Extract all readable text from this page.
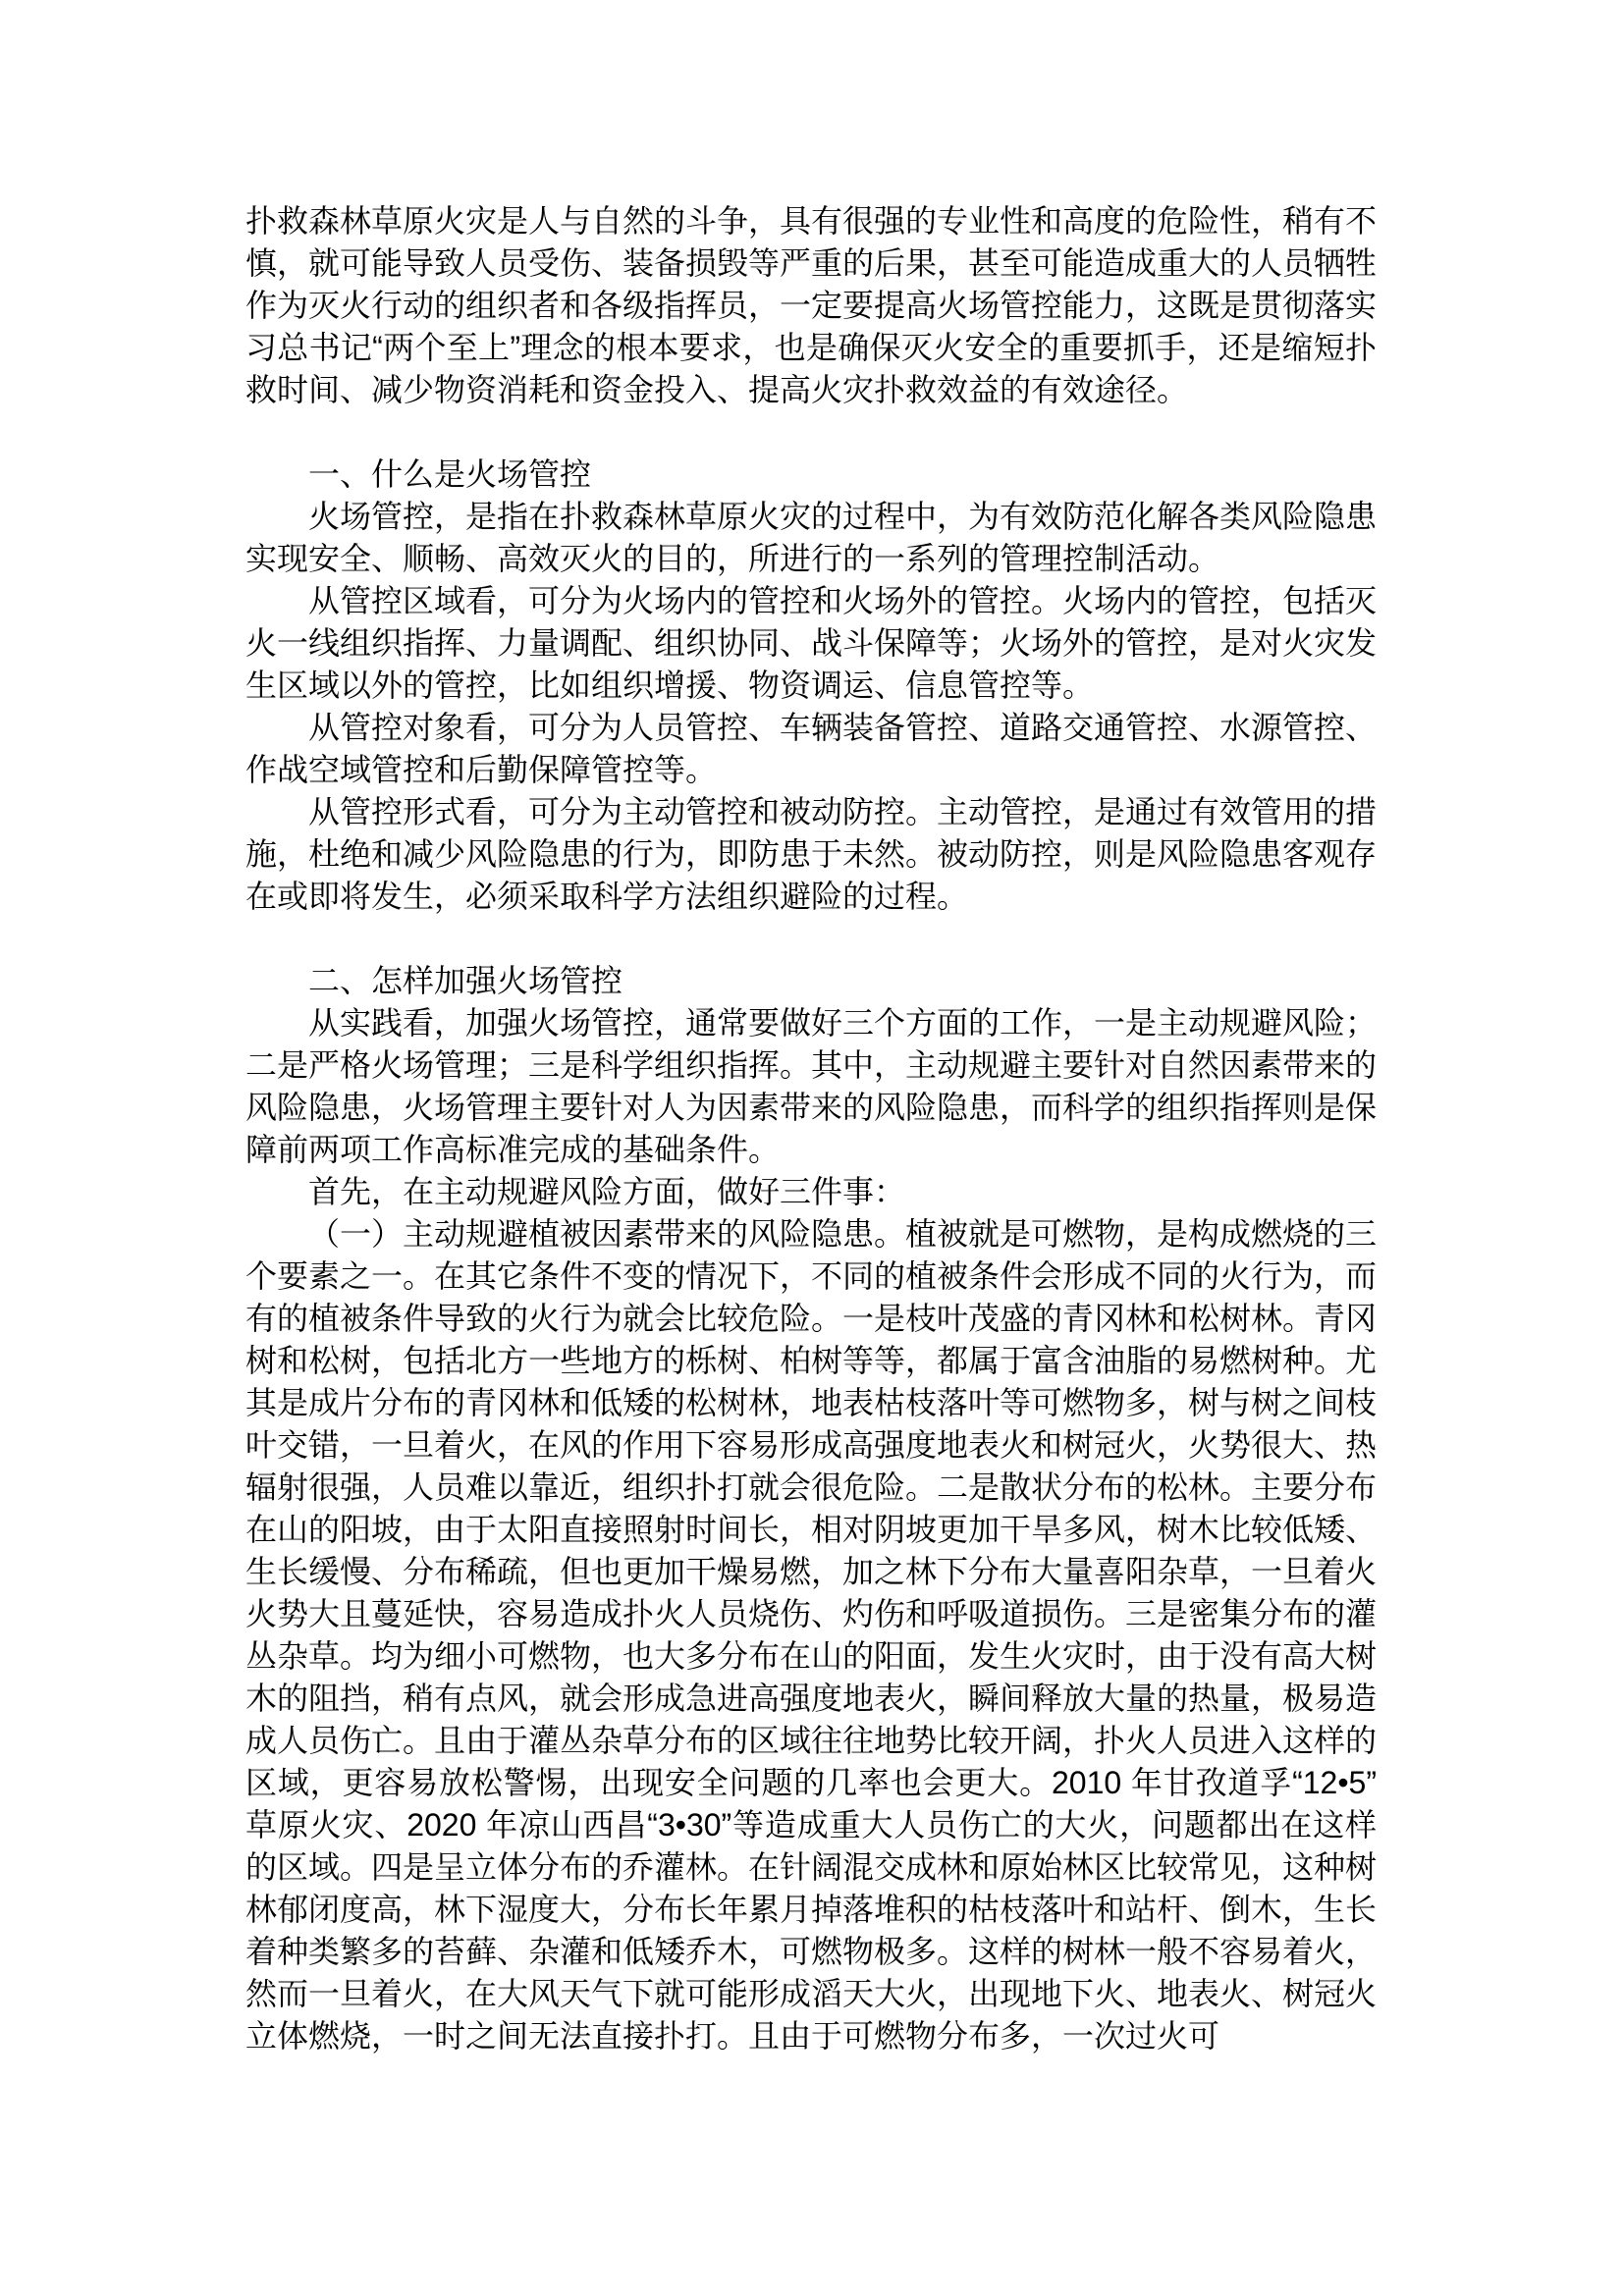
扑救森林草原火灾是人与自然的斗争，具有很强的专业性和高度的危险性，稍有不慎，就可能导致人员受伤、装备损毁等严重的后果，甚至可能造成重大的人员牺牲作为灭火行动的组织者和各级指挥员，一定要提高火场管控能力，这既是贯彻落实习总书记“两个至上”理念的根本要求，也是确保灭火安全的重要抓手，还是缩短扑救时间、减少物资消耗和资金投入、提高火灾扑救效益的有效途径。

一、什么是火场管控

火场管控，是指在扑救森林草原火灾的过程中，为有效防范化解各类风险隐患实现安全、顺畅、高效灭火的目的，所进行的一系列的管理控制活动。

从管控区域看，可分为火场内的管控和火场外的管控。火场内的管控，包括灭火一线组织指挥、力量调配、组织协同、战斗保障等；火场外的管控，是对火灾发生区域以外的管控，比如组织增援、物资调运、信息管控等。

从管控对象看，可分为人员管控、车辆装备管控、道路交通管控、水源管控、作战空域管控和后勤保障管控等。

从管控形式看，可分为主动管控和被动防控。主动管控，是通过有效管用的措施，杜绝和减少风险隐患的行为，即防患于未然。被动防控，则是风险隐患客观存在或即将发生，必须采取科学方法组织避险的过程。

二、怎样加强火场管控

从实践看，加强火场管控，通常要做好三个方面的工作，一是主动规避风险；二是严格火场管理；三是科学组织指挥。其中，主动规避主要针对自然因素带来的风险隐患，火场管理主要针对人为因素带来的风险隐患，而科学的组织指挥则是保障前两项工作高标准完成的基础条件。

首先，在主动规避风险方面，做好三件事：

（一）主动规避植被因素带来的风险隐患。植被就是可燃物，是构成燃烧的三个要素之一。在其它条件不变的情况下，不同的植被条件会形成不同的火行为，而有的植被条件导致的火行为就会比较危险。一是枝叶茂盛的青冈林和松树林。青冈树和松树，包括北方一些地方的栎树、柏树等等，都属于富含油脂的易燃树种。尤其是成片分布的青冈林和低矮的松树林，地表枯枝落叶等可燃物多，树与树之间枝叶交错，一旦着火，在风的作用下容易形成高强度地表火和树冠火，火势很大、热辐射很强，人员难以靠近，组织扑打就会很危险。二是散状分布的松林。主要分布在山的阳坡，由于太阳直接照射时间长，相对阴坡更加干旱多风，树木比较低矮、生长缓慢、分布稀疏，但也更加干燥易燃，加之林下分布大量喜阳杂草，一旦着火火势大且蔓延快，容易造成扑火人员烧伤、灼伤和呼吸道损伤。三是密集分布的灌丛杂草。均为细小可燃物，也大多分布在山的阳面，发生火灾时，由于没有高大树木的阻挡，稍有点风，就会形成急进高强度地表火，瞬间释放大量的热量，极易造成人员伤亡。且由于灌丛杂草分布的区域往往地势比较开阔，扑火人员进入这样的区域，更容易放松警惕，出现安全问题的几率也会更大。2010 年甘孜道孚“12•5”草原火灾、2020 年凉山西昌“3•30”等造成重大人员伤亡的大火，问题都出在这样的区域。四是呈立体分布的乔灌林。在针阔混交成林和原始林区比较常见，这种树林郁闭度高，林下湿度大，分布长年累月掉落堆积的枯枝落叶和站杆、倒木，生长着种类繁多的苔藓、杂灌和低矮乔木，可燃物极多。这样的树林一般不容易着火，然而一旦着火，在大风天气下就可能形成滔天大火，出现地下火、地表火、树冠火立体燃烧，一时之间无法直接扑打。且由于可燃物分布多，一次过火可
